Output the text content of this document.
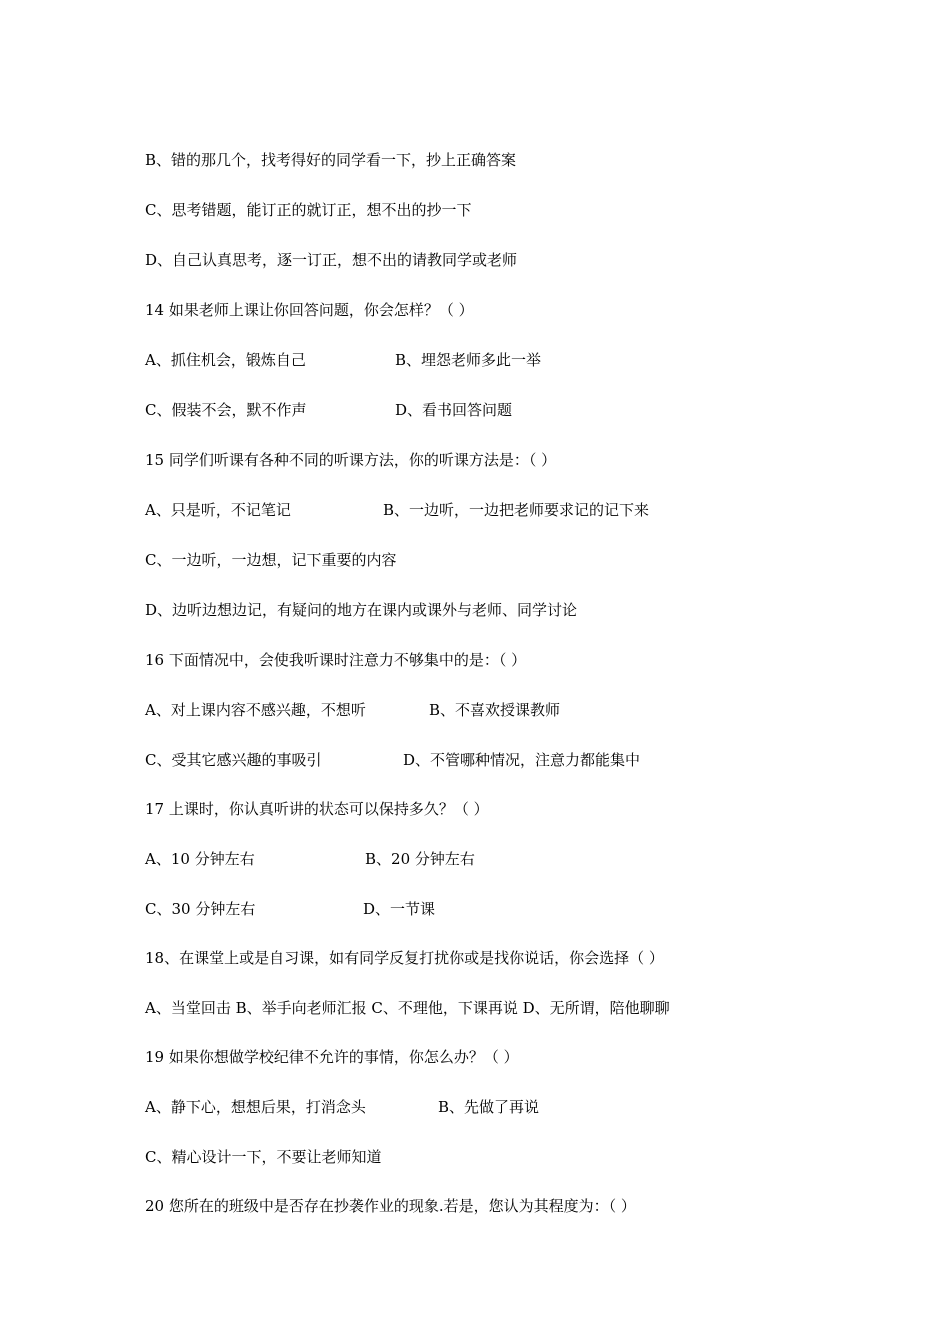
B、错的那几个，找考得好的同学看一下，抄上正确答案
C、思考错题，能订正的就订正，想不出的抄一下
D、自己认真思考，逐一订正，想不出的请教同学或老师
14 如果老师上课让你回答问题，你会怎样？（ ）
A、抓住机会，锻炼自己	B、埋怨老师多此一举
C、假装不会，默不作声	D、看书回答问题
15 同学们听课有各种不同的听课方法，你的听课方法是：（ ）
A、只是听，不记笔记	B、一边听，一边把老师要求记的记下来
C、一边听，一边想，记下重要的内容
D、边听边想边记，有疑问的地方在课内或课外与老师、同学讨论
16 下面情况中，会使我听课时注意力不够集中的是：（ ）
A、对上课内容不感兴趣，不想听	B、不喜欢授课教师
C、受其它感兴趣的事吸引	D、不管哪种情况，注意力都能集中
17 上课时，你认真听讲的状态可以保持多久？（ ）
A、10 分钟左右	B、20 分钟左右
C、30 分钟左右	D、一节课
18、在课堂上或是自习课，如有同学反复打扰你或是找你说话，你会选择（ ）
A、当堂回击 B、举手向老师汇报 C、不理他，下课再说 D、无所谓，陪他聊聊
19 如果你想做学校纪律不允许的事情，你怎么办？（ ）
A、静下心，想想后果，打消念头	B、先做了再说
C、精心设计一下，不要让老师知道
20 您所在的班级中是否存在抄袭作业的现象.若是，您认为其程度为：（ ）
